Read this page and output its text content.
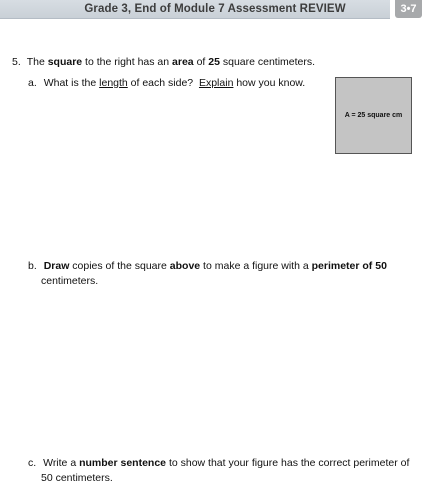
Grade 3, End of Module 7 Assessment REVIEW	3•7
5. The square to the right has an area of 25 square centimeters.
a. What is the length of each side?  Explain how you know.
A = 25 square cm
b. Draw copies of the square above to make a figure with a perimeter of 50
centimeters.
c. Write a number sentence to show that your figure has the correct perimeter of
50 centimeters.
